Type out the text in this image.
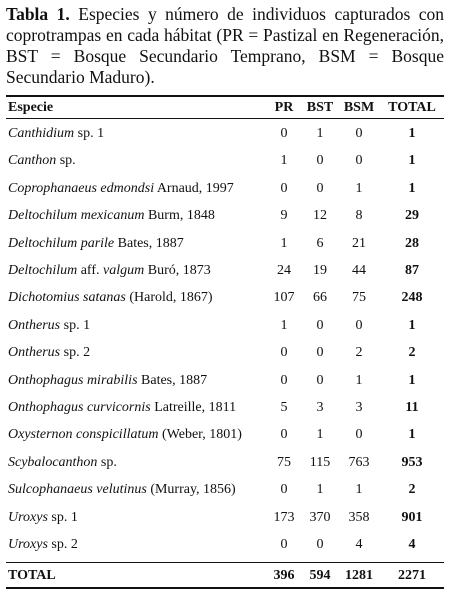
Tabla 1. Especies y número de individuos capturados con coprotrampas en cada hábitat (PR = Pastizal en Regeneración, BST = Bosque Secundario Temprano, BSM = Bosque Secundario Maduro).
Especie	PR BST BSM TOTAL
Canthidium sp. 1	0	1	0	1
Canthon sp.	1	0	0	1
Coprophanaeus edmondsi Arnaud, 1997	0	0	1	1
Deltochilum mexicanum Burm, 1848	9	12	8	29
Deltochilum parile Bates, 1887	1	6	21	28
Deltochilum aff. valgum Buró, 1873	24	19	44	87
Dichotomius satanas (Harold, 1867)	107	66	75	248
Ontherus sp. 1	1	0	0	1
Ontherus sp. 2	0	0	2	2
Onthophagus mirabilis Bates, 1887	0	0	1	1
Onthophagus curvicornis Latreille, 1811	5	3	3	11
Oxysternon conspicillatum (Weber, 1801)	0	1	0	1
Scybalocanthon sp.	75	115	763	953
Sulcophanaeus velutinus (Murray, 1856)	0	1	1	2
Uroxys sp. 1	173	370	358	901
Uroxys sp. 2	0	0	4	4
TOTAL	396	594	1281	2271
